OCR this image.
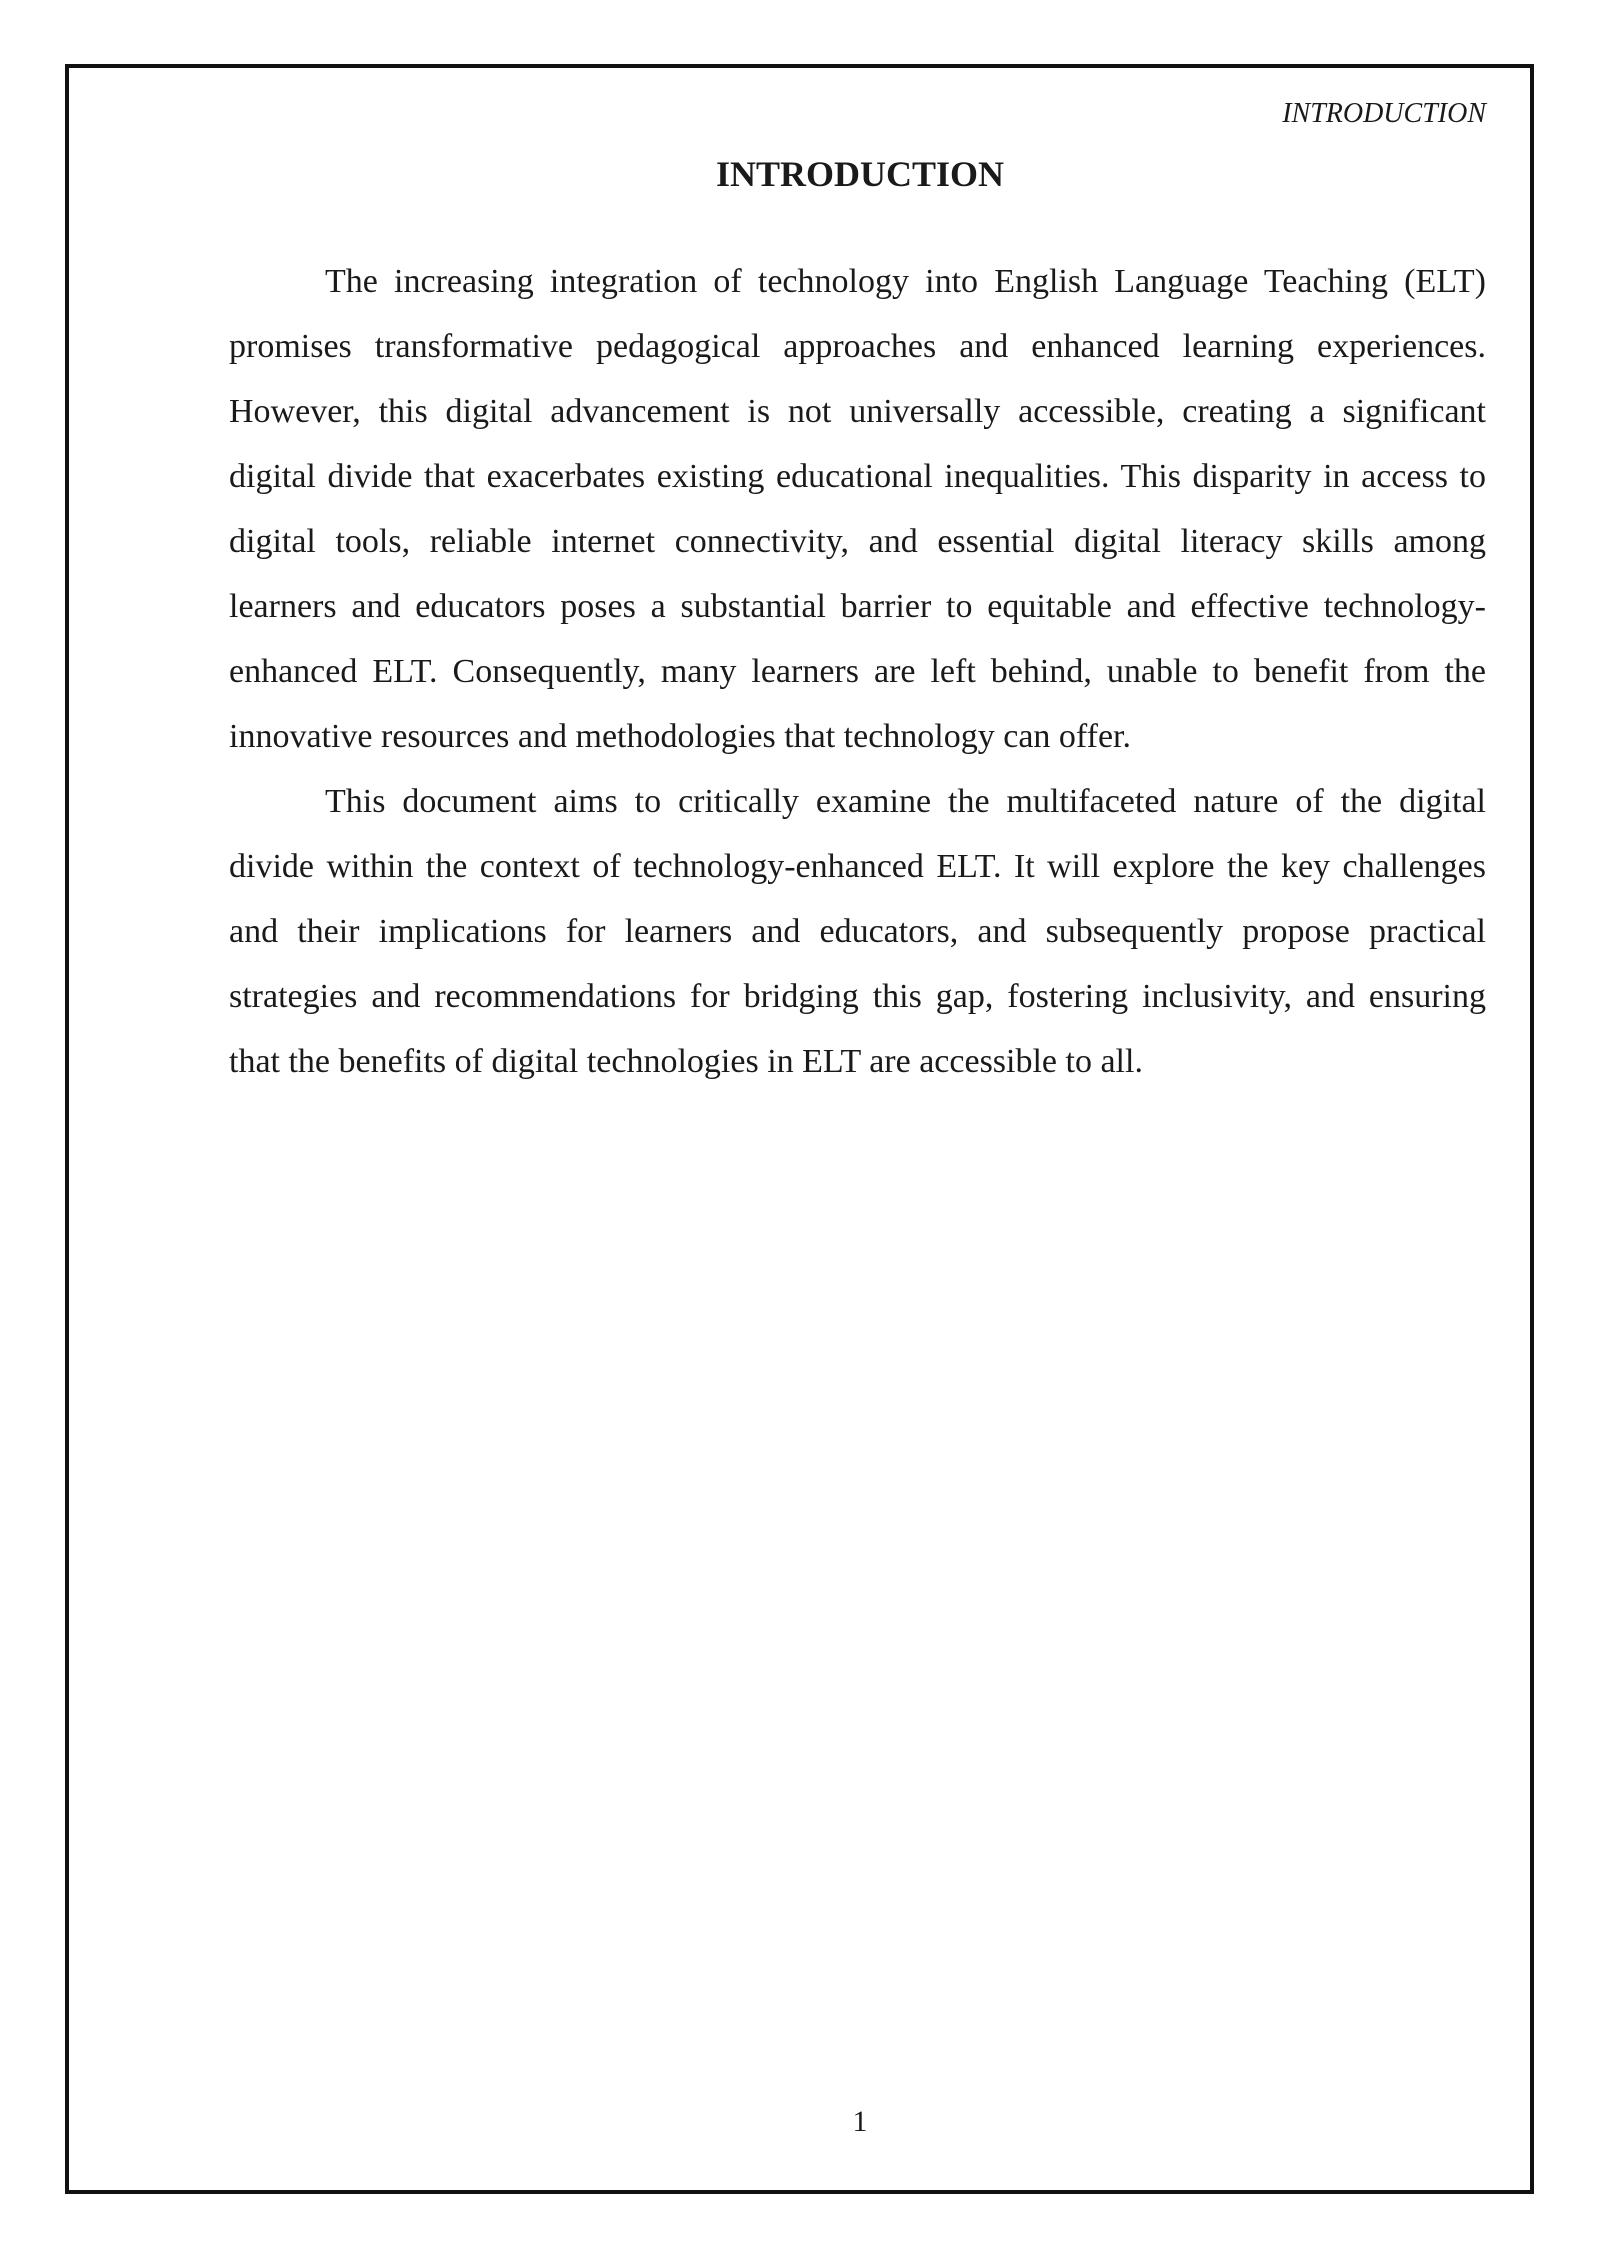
INTRODUCTION
INTRODUCTION

The increasing integration of technology into English Language Teaching (ELT) promises transformative pedagogical approaches and enhanced learning experiences. However, this digital advancement is not universally accessible, creating a significant digital divide that exacerbates existing educational inequalities. This disparity in access to digital tools, reliable internet connectivity, and essential digital literacy skills among learners and educators poses a substantial barrier to equitable and effective technology-enhanced ELT. Consequently, many learners are left behind, unable to benefit from the innovative resources and methodologies that technology can offer.

This document aims to critically examine the multifaceted nature of the digital divide within the context of technology-enhanced ELT. It will explore the key challenges and their implications for learners and educators, and subsequently propose practical strategies and recommendations for bridging this gap, fostering inclusivity, and ensuring that the benefits of digital technologies in ELT are accessible to all.

1
